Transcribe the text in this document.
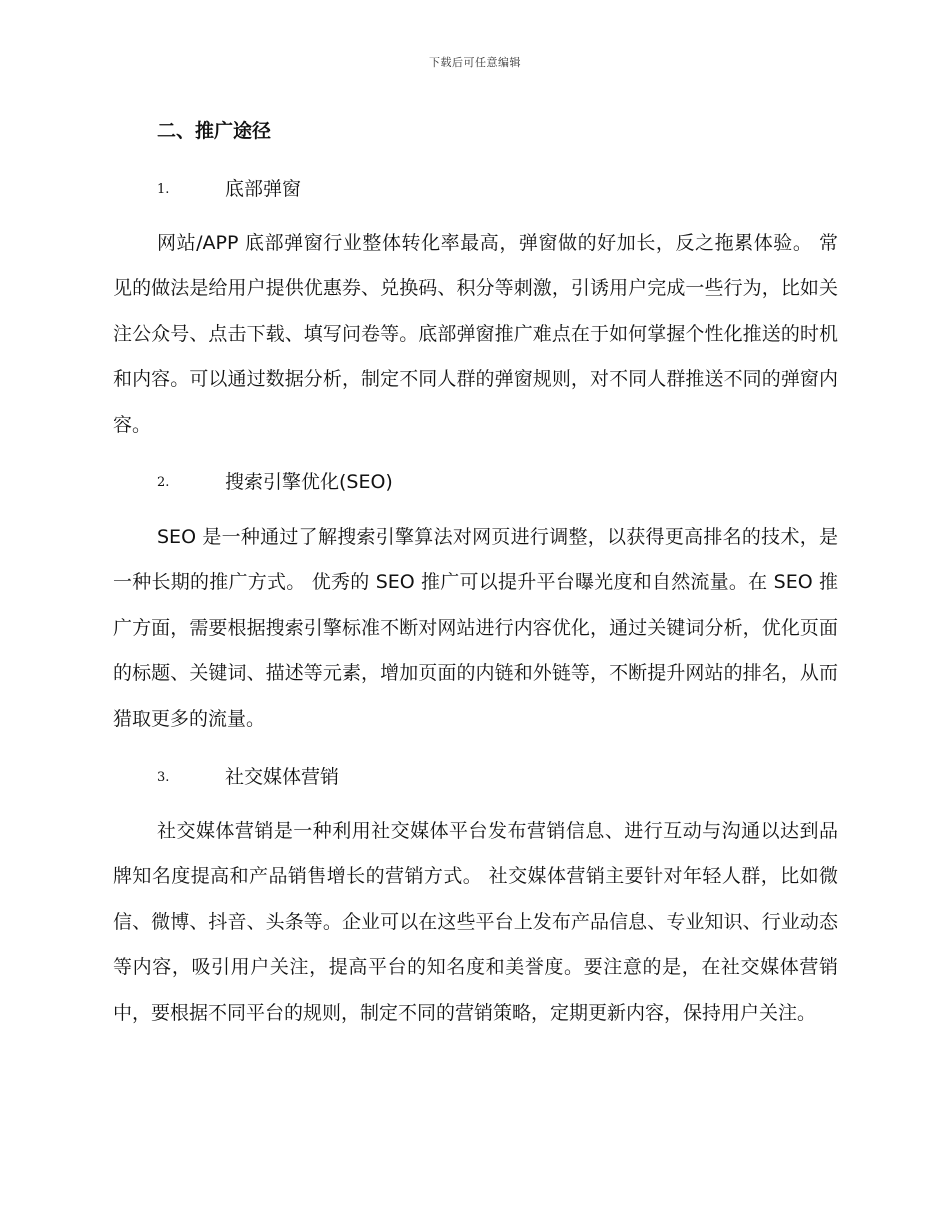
下载后可任意编辑
二、推广途径
1.	底部弹窗
网站/APP 底部弹窗行业整体转化率最高，弹窗做的好加长，反之拖累体验。 常见的做法是给用户提供优惠券、兑换码、积分等刺激，引诱用户完成一些行为，比如关注公众号、点击下载、填写问卷等。底部弹窗推广难点在于如何掌握个性化推送的时机和内容。可以通过数据分析，制定不同人群的弹窗规则，对不同人群推送不同的弹窗内容。
2.	搜索引擎优化(SEO)
SEO 是一种通过了解搜索引擎算法对网页进行调整，以获得更高排名的技术，是一种长期的推广方式。 优秀的 SEO 推广可以提升平台曝光度和自然流量。在 SEO 推广方面，需要根据搜索引擎标准不断对网站进行内容优化，通过关键词分析，优化页面的标题、关键词、描述等元素，增加页面的内链和外链等，不断提升网站的排名，从而猎取更多的流量。
3.	社交媒体营销
社交媒体营销是一种利用社交媒体平台发布营销信息、进行互动与沟通以达到品牌知名度提高和产品销售增长的营销方式。 社交媒体营销主要针对年轻人群，比如微信、微博、抖音、头条等。企业可以在这些平台上发布产品信息、专业知识、行业动态等内容，吸引用户关注，提高平台的知名度和美誉度。要注意的是，在社交媒体营销中，要根据不同平台的规则，制定不同的营销策略，定期更新内容，保持用户关注。
